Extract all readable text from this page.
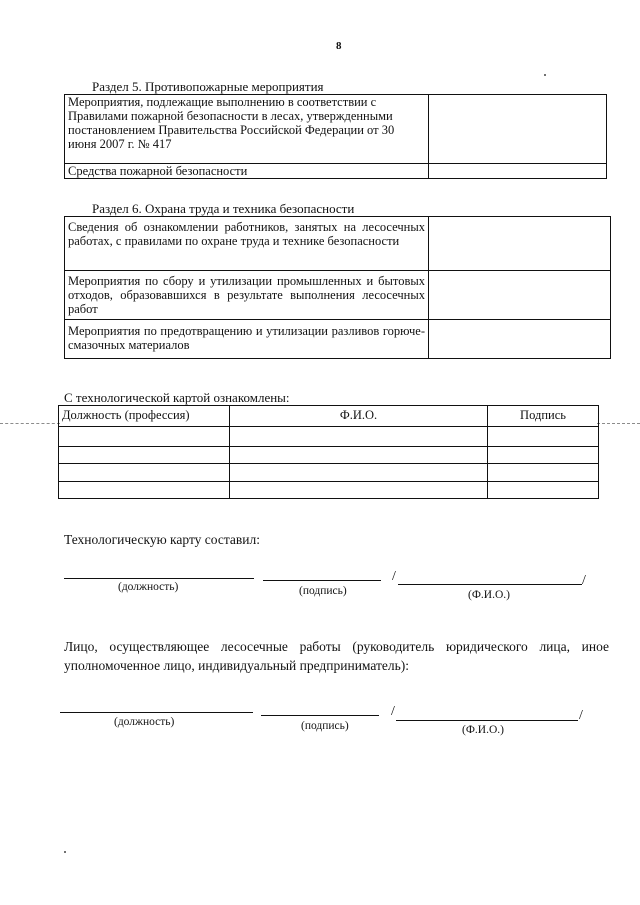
8
Раздел 5. Противопожарные мероприятия
Мероприятия, подлежащие выполнению в соответствии с Правилами пожарной безопасности в лесах, утвержденными постановлением Правительства Российской Федерации от 30 июня 2007 г. № 417	
Средства пожарной безопасности	
Раздел 6. Охрана труда и техника безопасности
Сведения об ознакомлении работников, занятых на лесосечных работах, с правилами по охране труда и технике безопасности	
Мероприятия по сбору и утилизации промышленных и бытовых отходов, образовавшихся в результате выполнения лесосечных работ	
Мероприятия по предотвращению и утилизации разливов горюче-смазочных материалов	
С технологической картой ознакомлены:
Должность (профессия)	Ф.И.О.	Подпись

Технологическую карту составил:
/	/
(должность)	(подпись)	(Ф.И.О.)
Лицо, осуществляющее лесосечные работы (руководитель юридического лица, иное уполномоченное лицо, индивидуальный предприниматель):
/	/
(должность)	(подпись)	(Ф.И.О.)
